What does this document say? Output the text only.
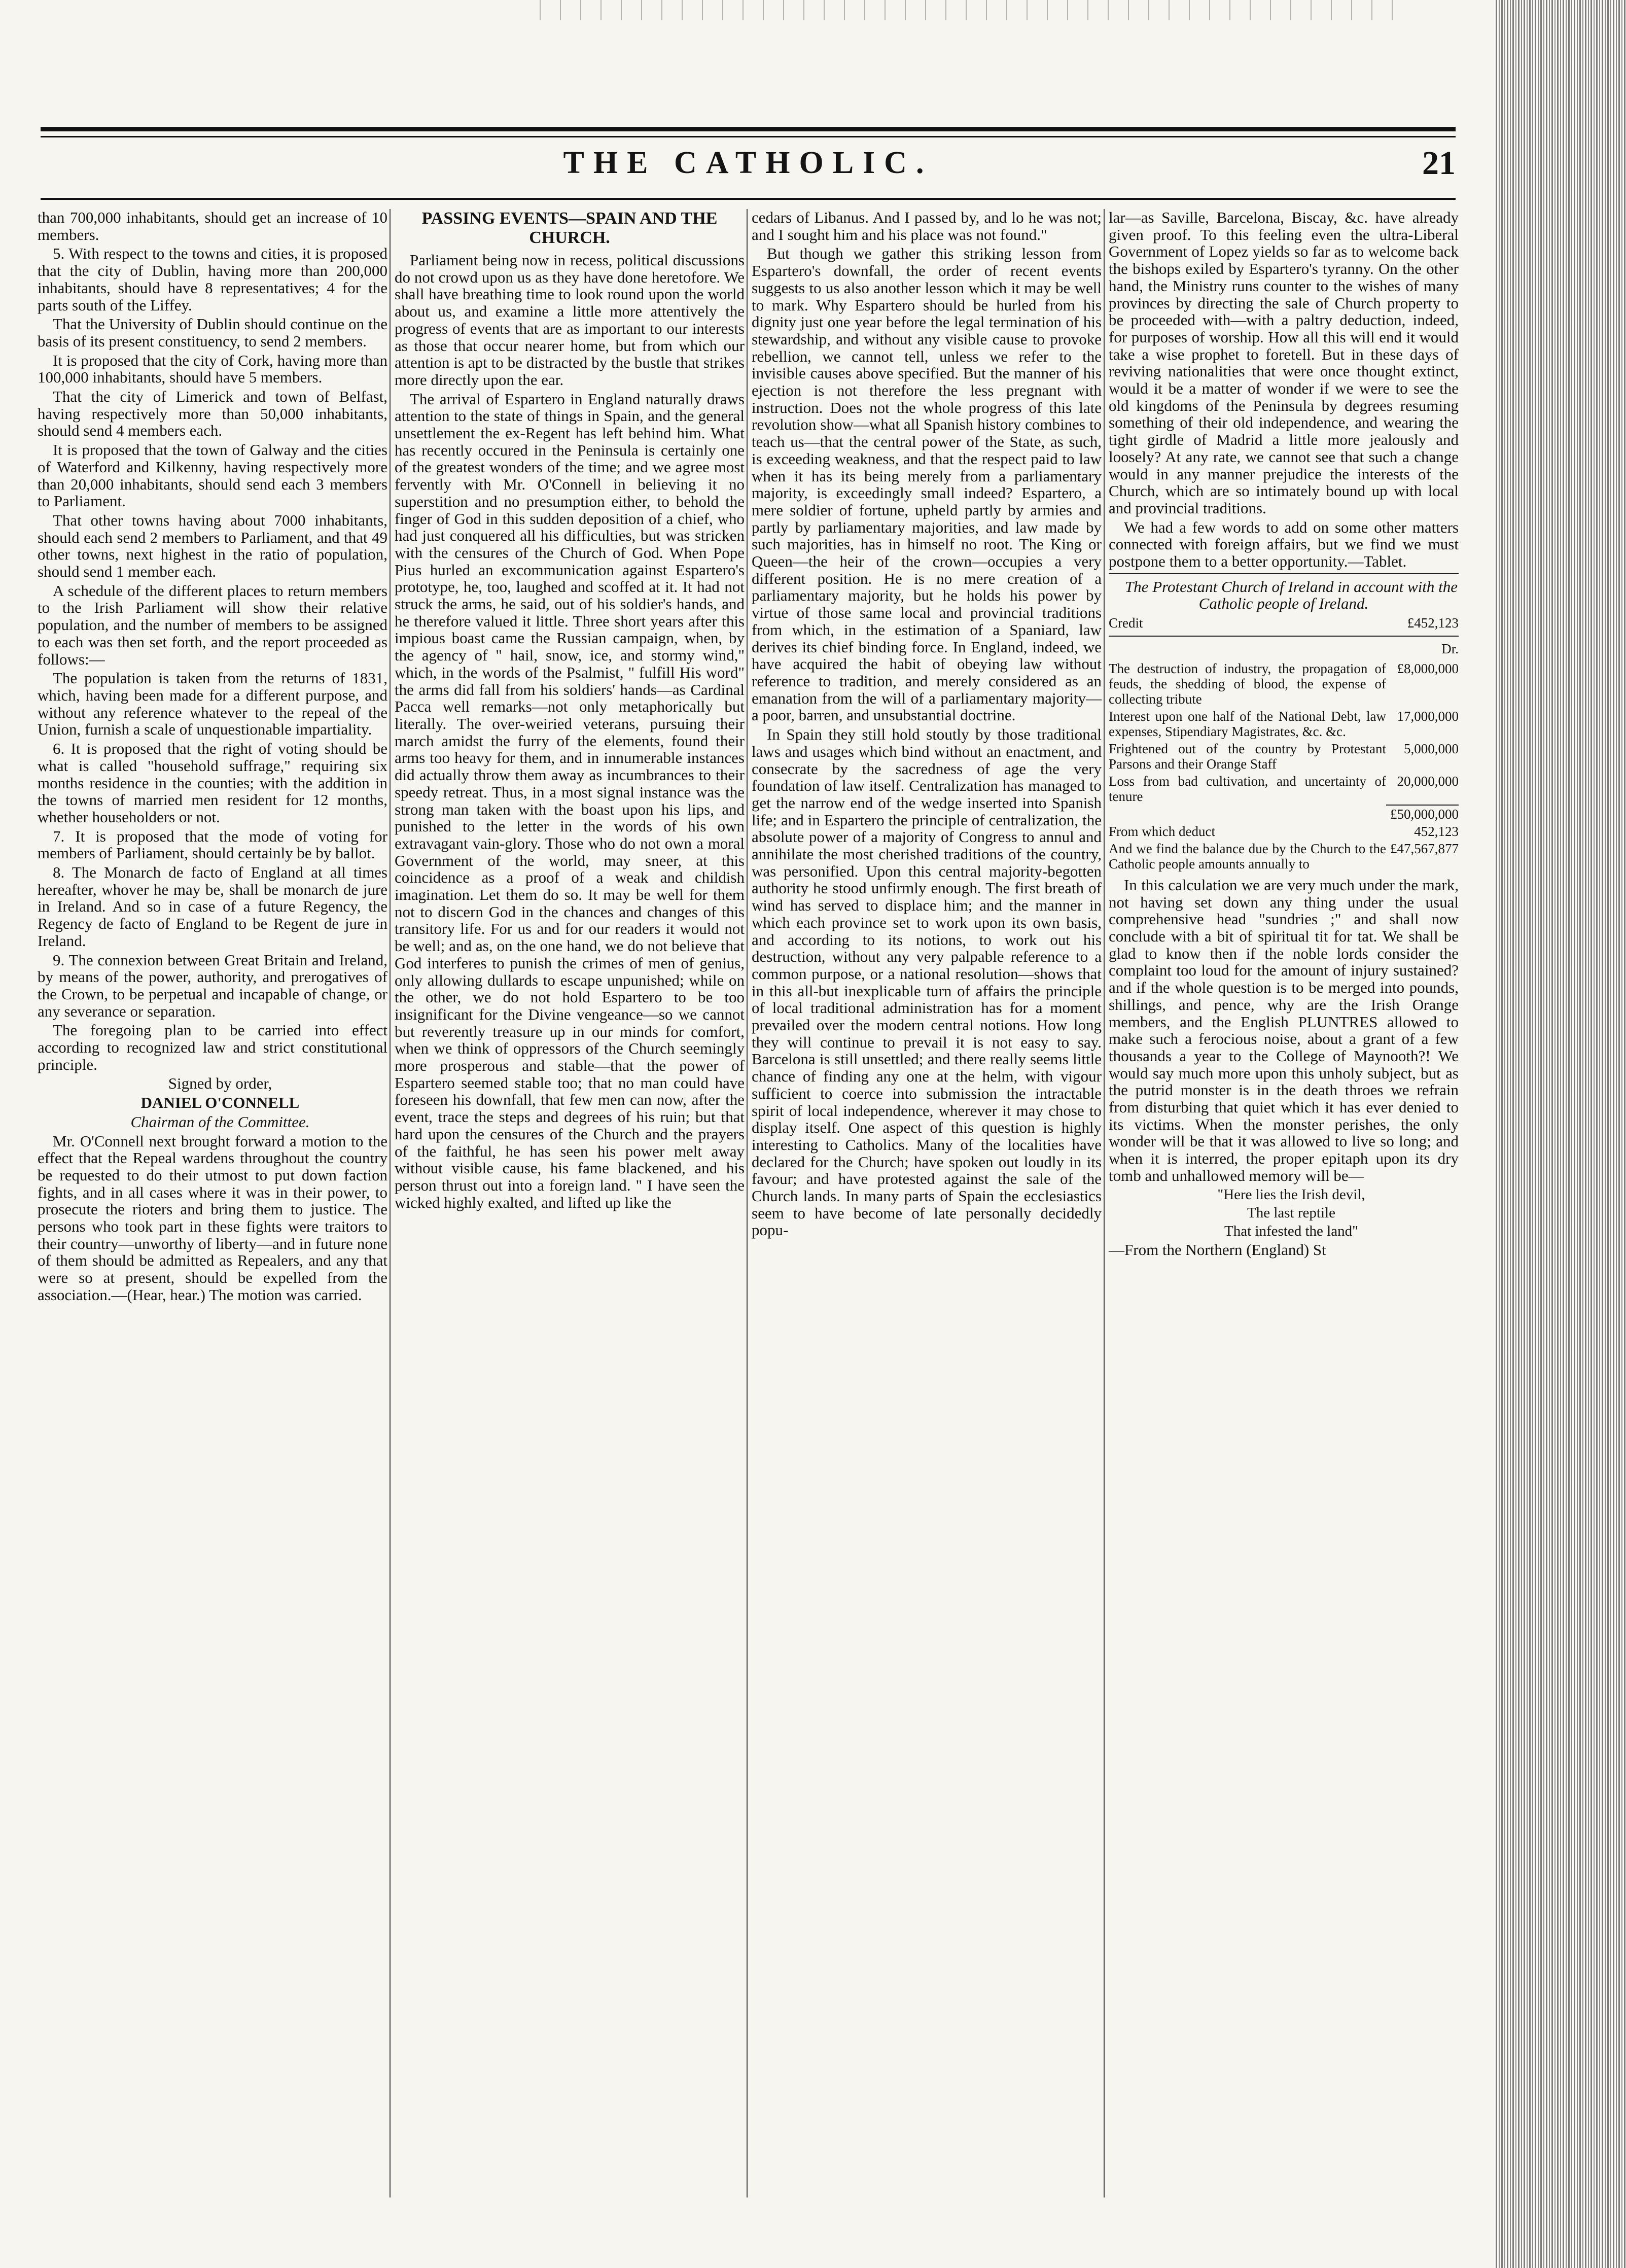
THE CATHOLIC.	21

than 700,000 inhabitants, should get an increase of 10 members.

5. With respect to the towns and cities, it is proposed that the city of Dublin, having more than 200,000 inhabitants, should have 8 representatives; 4 for the parts south of the Liffey.

That the University of Dublin should continue on the basis of its present constituency, to send 2 members.

It is proposed that the city of Cork, having more than 100,000 inhabitants, should have 5 members.

That the city of Limerick and town of Belfast, having respectively more than 50,000 inhabitants, should send 4 members each.

It is proposed that the town of Galway and the cities of Waterford and Kilkenny, having respectively more than 20,000 inhabitants, should send each 3 members to Parliament.

That other towns having about 7000 inhabitants, should each send 2 members to Parliament, and that 49 other towns, next highest in the ratio of population, should send 1 member each.

A schedule of the different places to return members to the Irish Parliament will show their relative population, and the number of members to be assigned to each was then set forth, and the report proceeded as follows:—

The population is taken from the returns of 1831, which, having been made for a different purpose, and without any reference whatever to the repeal of the Union, furnish a scale of unquestionable impartiality.

6. It is proposed that the right of voting should be what is called "household suffrage," requiring six months residence in the counties; with the addition in the towns of married men resident for 12 months, whether householders or not.

7. It is proposed that the mode of voting for members of Parliament, should certainly be by ballot.

8. The Monarch de facto of England at all times hereafter, whover he may be, shall be monarch de jure in Ireland. And so in case of a future Regency, the Regency de facto of England to be Regent de jure in Ireland.

9. The connexion between Great Britain and Ireland, by means of the power, authority, and prerogatives of the Crown, to be perpetual and incapable of change, or any severance or separation.

The foregoing plan to be carried into effect according to recognized law and strict constitutional principle.

Signed by order,

DANIEL O'CONNELL

Chairman of the Committee.

Mr. O'Connell next brought forward a motion to the effect that the Repeal wardens throughout the country be requested to do their utmost to put down faction fights, and in all cases where it was in their power, to prosecute the rioters and bring them to justice. The persons who took part in these fights were traitors to their country—unworthy of liberty—and in future none of them should be admitted as Repealers, and any that were so at present, should be expelled from the association.—(Hear, hear.) The motion was carried.

PASSING EVENTS—SPAIN AND THE CHURCH.

Parliament being now in recess, political discussions do not crowd upon us as they have done heretofore. We shall have breathing time to look round upon the world about us, and examine a little more attentively the progress of events that are as important to our interests as those that occur nearer home, but from which our attention is apt to be distracted by the bustle that strikes more directly upon the ear.

The arrival of Espartero in England naturally draws attention to the state of things in Spain, and the general unsettlement the ex-Regent has left behind him. What has recently occured in the Peninsula is certainly one of the greatest wonders of the time; and we agree most fervently with Mr. O'Connell in believing it no superstition and no presumption either, to behold the finger of God in this sudden deposition of a chief, who had just conquered all his difficulties, but was stricken with the censures of the Church of God. When Pope Pius hurled an excommunication against Espartero's prototype, he, too, laughed and scoffed at it. It had not struck the arms, he said, out of his soldier's hands, and he therefore valued it little. Three short years after this impious boast came the Russian campaign, when, by the agency of " hail, snow, ice, and stormy wind," which, in the words of the Psalmist, " fulfill His word" the arms did fall from his soldiers' hands—as Cardinal Pacca well remarks—not only metaphorically but literally. The over-weiried veterans, pursuing their march amidst the furry of the elements, found their arms too heavy for them, and in innumerable instances did actually throw them away as incumbrances to their speedy retreat. Thus, in a most signal instance was the strong man taken with the boast upon his lips, and punished to the letter in the words of his own extravagant vain-glory. Those who do not own a moral Government of the world, may sneer, at this coincidence as a proof of a weak and childish imagination. Let them do so. It may be well for them not to discern God in the chances and changes of this transitory life. For us and for our readers it would not be well; and as, on the one hand, we do not believe that God interferes to punish the crimes of men of genius, only allowing dullards to escape unpunished; while on the other, we do not hold Espartero to be too insignificant for the Divine vengeance—so we cannot but reverently treasure up in our minds for comfort, when we think of oppressors of the Church seemingly more prosperous and stable—that the power of Espartero seemed stable too; that no man could have foreseen his downfall, that few men can now, after the event, trace the steps and degrees of his ruin; but that hard upon the censures of the Church and the prayers of the faithful, he has seen his power melt away without visible cause, his fame blackened, and his person thrust out into a foreign land. " I have seen the wicked highly exalted, and lifted up like the

cedars of Libanus. And I passed by, and lo he was not; and I sought him and his place was not found."

But though we gather this striking lesson from Espartero's downfall, the order of recent events suggests to us also another lesson which it may be well to mark. Why Espartero should be hurled from his dignity just one year before the legal termination of his stewardship, and without any visible cause to provoke rebellion, we cannot tell, unless we refer to the invisible causes above specified. But the manner of his ejection is not therefore the less pregnant with instruction. Does not the whole progress of this late revolution show—what all Spanish history combines to teach us—that the central power of the State, as such, is exceeding weakness, and that the respect paid to law when it has its being merely from a parliamentary majority, is exceedingly small indeed? Espartero, a mere soldier of fortune, upheld partly by armies and partly by parliamentary majorities, and law made by such majorities, has in himself no root. The King or Queen—the heir of the crown—occupies a very different position. He is no mere creation of a parliamentary majority, but he holds his power by virtue of those same local and provincial traditions from which, in the estimation of a Spaniard, law derives its chief binding force. In England, indeed, we have acquired the habit of obeying law without reference to tradition, and merely considered as an emanation from the will of a parliamentary majority—a poor, barren, and unsubstantial doctrine.

In Spain they still hold stoutly by those traditional laws and usages which bind without an enactment, and consecrate by the sacredness of age the very foundation of law itself. Centralization has managed to get the narrow end of the wedge inserted into Spanish life; and in Espartero the principle of centralization, the absolute power of a majority of Congress to annul and annihilate the most cherished traditions of the country, was personified. Upon this central majority-begotten authority he stood unfirmly enough. The first breath of wind has served to displace him; and the manner in which each province set to work upon its own basis, and according to its notions, to work out his destruction, without any very palpable reference to a common purpose, or a national resolution—shows that in this all-but inexplicable turn of affairs the principle of local traditional administration has for a moment prevailed over the modern central notions. How long they will continue to prevail it is not easy to say. Barcelona is still unsettled; and there really seems little chance of finding any one at the helm, with vigour sufficient to coerce into submission the intractable spirit of local independence, wherever it may chose to display itself. One aspect of this question is highly interesting to Catholics. Many of the localities have declared for the Church; have spoken out loudly in its favour; and have protested against the sale of the Church lands. In many parts of Spain the ecclesiastics seem to have become of late personally decidedly popu-

lar—as Saville, Barcelona, Biscay, &c. have already given proof. To this feeling even the ultra-Liberal Government of Lopez yields so far as to welcome back the bishops exiled by Espartero's tyranny. On the other hand, the Ministry runs counter to the wishes of many provinces by directing the sale of Church property to be proceeded with—with a paltry deduction, indeed, for purposes of worship. How all this will end it would take a wise prophet to foretell. But in these days of reviving nationalities that were once thought extinct, would it be a matter of wonder if we were to see the old kingdoms of the Peninsula by degrees resuming something of their old independence, and wearing the tight girdle of Madrid a little more jealously and loosely? At any rate, we cannot see that such a change would in any manner prejudice the interests of the Church, which are so intimately bound up with local and provincial traditions.

We had a few words to add on some other matters connected with foreign affairs, but we find we must postpone them to a better opportunity.—Tablet.

The Protestant Church of Ireland in account with the Catholic people of Ireland.

Credit	£452,123

Dr.

The destruction of industry, the propagation of feuds, the shedding of blood, the expense of collecting tribute	£8,000,000
Interest upon one half of the National Debt, law expenses, Stipendiary Magistrates, &c. &c.	17,000,000
Frightened out of the country by Protestant Parsons and their Orange Staff	5,000,000
Loss from bad cultivation, and uncertainty of tenure	20,000,000
	£50,000,000
From which deduct	452,123
And we find the balance due by the Church to the Catholic people amounts annually to	£47,567,877

In this calculation we are very much under the mark, not having set down any thing under the usual comprehensive head "sundries ;" and shall now conclude with a bit of spiritual tit for tat. We shall be glad to know then if the noble lords consider the complaint too loud for the amount of injury sustained? and if the whole question is to be merged into pounds, shillings, and pence, why are the Irish Orange members, and the English PLUNTRES allowed to make such a ferocious noise, about a grant of a few thousands a year to the College of Maynooth?! We would say much more upon this unholy subject, but as the putrid monster is in the death throes we refrain from disturbing that quiet which it has ever denied to its victims. When the monster perishes, the only wonder will be that it was allowed to live so long; and when it is interred, the proper epitaph upon its dry tomb and unhallowed memory will be—

"Here lies the Irish devil,

The last reptile

That infested the land"

—From the Northern (England) St
